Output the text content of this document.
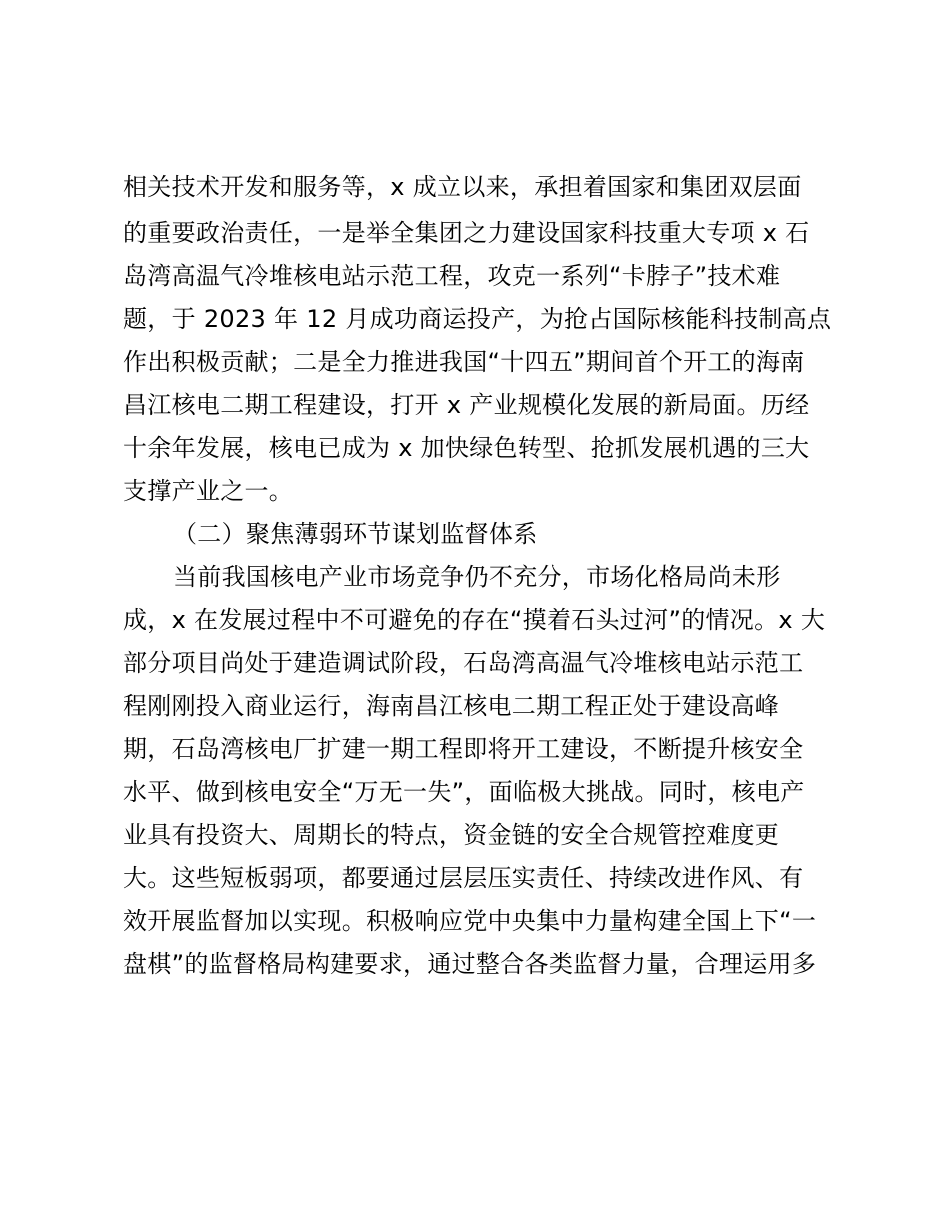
相关技术开发和服务等，x 成立以来，承担着国家和集团双层面
的重要政治责任，一是举全集团之力建设国家科技重大专项 x 石
岛湾高温气冷堆核电站示范工程，攻克一系列“卡脖子”技术难
题，于 2023 年 12 月成功商运投产，为抢占国际核能科技制高点
作出积极贡献；二是全力推进我国“十四五”期间首个开工的海南
昌江核电二期工程建设，打开 x 产业规模化发展的新局面。历经
十余年发展，核电已成为 x 加快绿色转型、抢抓发展机遇的三大
支撑产业之一。
（二）聚焦薄弱环节谋划监督体系
当前我国核电产业市场竞争仍不充分，市场化格局尚未形
成，x 在发展过程中不可避免的存在“摸着石头过河”的情况。x 大
部分项目尚处于建造调试阶段，石岛湾高温气冷堆核电站示范工
程刚刚投入商业运行，海南昌江核电二期工程正处于建设高峰
期，石岛湾核电厂扩建一期工程即将开工建设，不断提升核安全
水平、做到核电安全“万无一失”，面临极大挑战。同时，核电产
业具有投资大、周期长的特点，资金链的安全合规管控难度更
大。这些短板弱项，都要通过层层压实责任、持续改进作风、有
效开展监督加以实现。积极响应党中央集中力量构建全国上下“一
盘棋”的监督格局构建要求，通过整合各类监督力量，合理运用多
